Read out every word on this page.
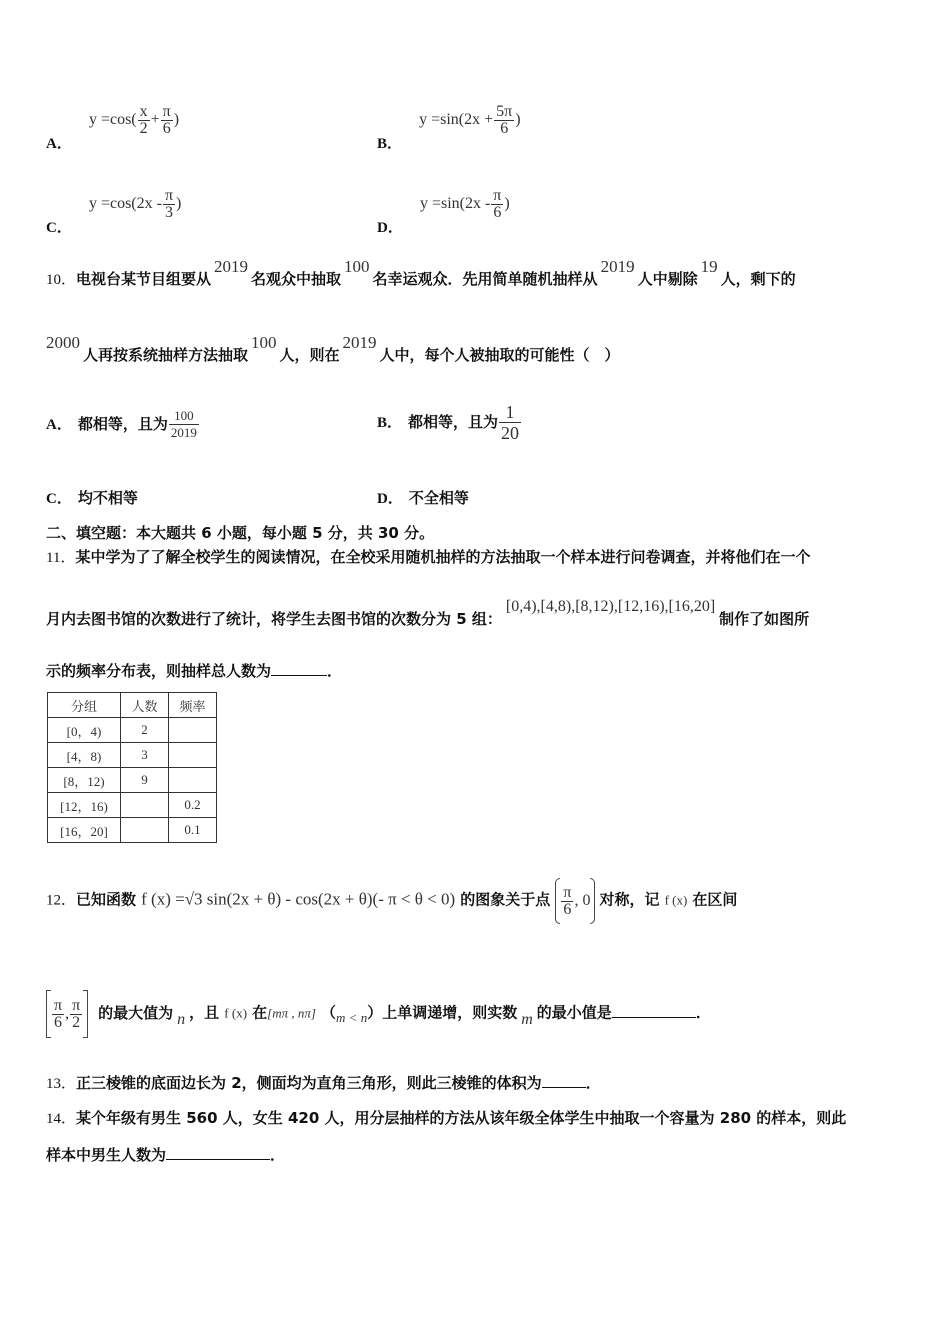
A． $y =\cos( \frac{x}{2} + \frac{\pi}{6}$ )
B． $y =\sin(2x + \frac{5\pi}{6}$ )
C． $y =\cos(2x - \frac{\pi}{3}$ )
D． $y =\sin(2x - \frac{\pi}{6}$ )
10．电视台某节目组要从2019名观众中抽取100名幸运观众．先用简单随机抽样从2019人中剔除19人，剩下的
2000人再按系统抽样方法抽取100人，则在2019人中，每个人被抽取的可能性（　）
A． 都相等，且为 $\frac{100}{2019}$	B． 都相等，且为 $\frac{1}{20}$
C． 均不相等	D． 不全相等
二、填空题：本大题共 6 小题，每小题 5 分，共 30 分。
11．某中学为了了解全校学生的阅读情况，在全校采用随机抽样的方法抽取一个样本进行问卷调查，并将他们在一个
月内去图书馆的次数进行了统计，将学生去图书馆的次数分为 5 组：[0,4),[4,8),[8,12),[12,16),[16,20]制作了如图所
示的频率分布表，则抽样总人数为	．
分组	人数	频率
[0，4)	2	
[4，8)	3	
[8，12)	9	
[12，16)		0.2
[16，20]		0.1
12．已知函数 f (x) =√3 sin(2x + θ) - cos(2x + θ)(- π < θ < 0) 的图象关于点 $\frac{\pi}{6}$ , 0 对称，记 f (x) 在区间
$\frac{\pi}{6}$ , $\frac{\pi}{2}$ 的最大值为 n ，且 f (x) 在[mπ , nπ] $(_{m < n})$上单调递增，则实数 m 的最小值是	．
13．正三棱锥的底面边长为 2，侧面均为直角三角形，则此三棱锥的体积为	．
14．某个年级有男生 560 人，女生 420 人，用分层抽样的方法从该年级全体学生中抽取一个容量为 280 的样本，则此
样本中男生人数为	．
